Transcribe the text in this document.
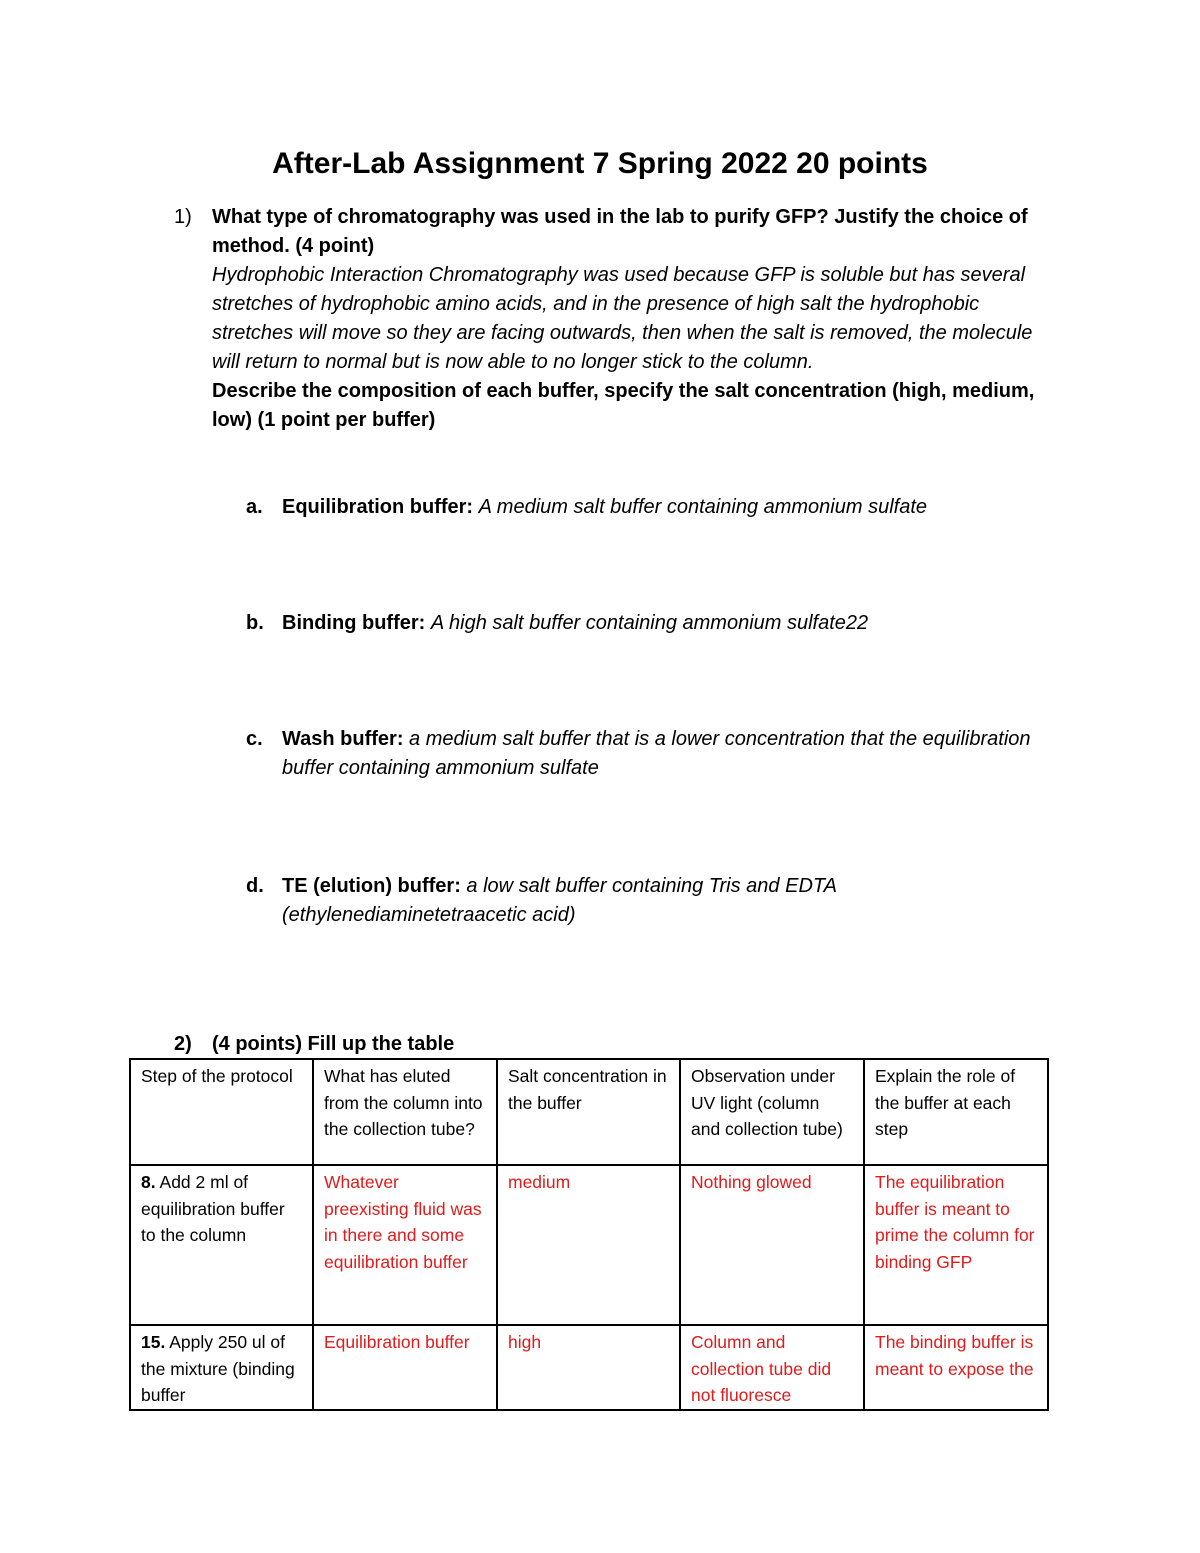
After-Lab Assignment 7 Spring 2022 20 points
1) What type of chromatography was used in the lab to purify GFP? Justify the choice of method. (4 point)
Hydrophobic Interaction Chromatography was used because GFP is soluble but has several stretches of hydrophobic amino acids, and in the presence of high salt the hydrophobic stretches will move so they are facing outwards, then when the salt is removed, the molecule will return to normal but is now able to no longer stick to the column.
Describe the composition of each buffer, specify the salt concentration (high, medium, low) (1 point per buffer)
a. Equilibration buffer: A medium salt buffer containing ammonium sulfate
b. Binding buffer: A high salt buffer containing ammonium sulfate22
c. Wash buffer: a medium salt buffer that is a lower concentration that the equilibration buffer containing ammonium sulfate
d. TE (elution) buffer: a low salt buffer containing Tris and EDTA (ethylenediaminetetraacetic acid)
2) (4 points) Fill up the table
Step of the protocol	What has eluted from the column into the collection tube?	Salt concentration in the buffer	Observation under UV light (column and collection tube)	Explain the role of the buffer at each step
8. Add 2 ml of equilibration buffer to the column	Whatever preexisting fluid was in there and some equilibration buffer	medium	Nothing glowed	The equilibration buffer is meant to prime the column for binding GFP
15. Apply 250 ul of the mixture (binding buffer	Equilibration buffer	high	Column and collection tube did not fluoresce	The binding buffer is meant to expose the
